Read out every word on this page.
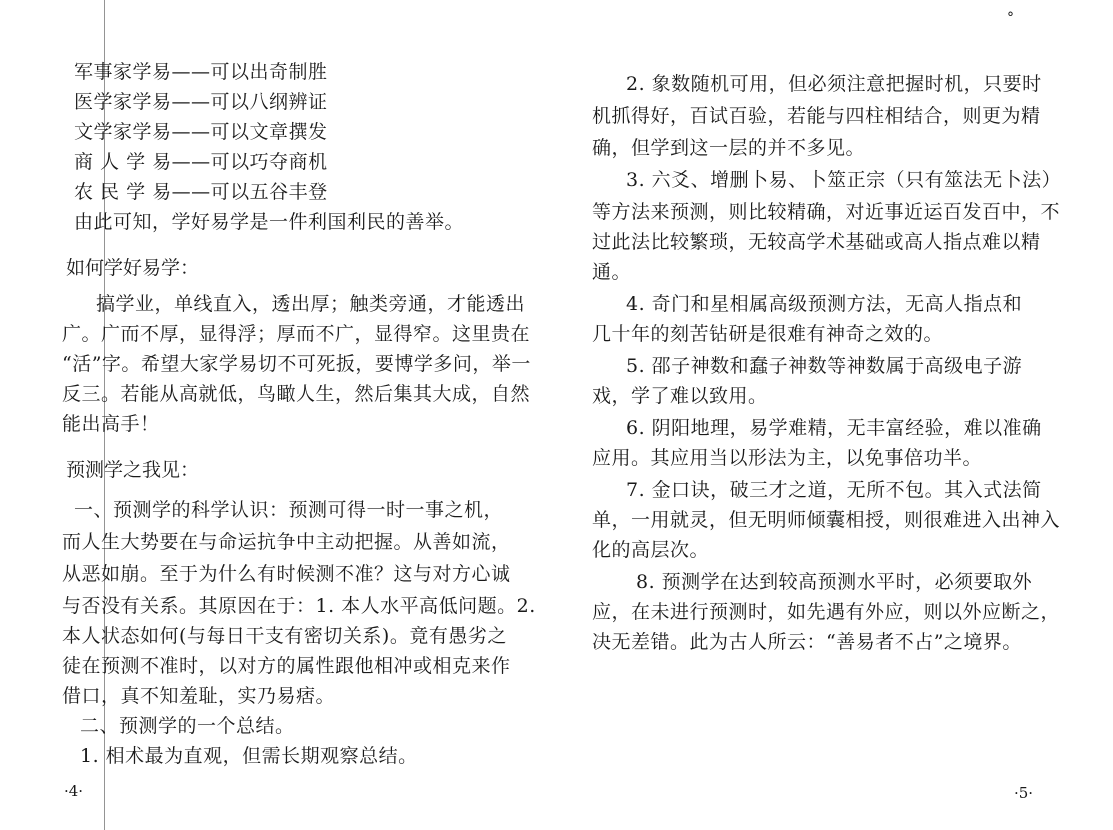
军事家学易——可以出奇制胜
医学家学易——可以八纲辨证
文学家学易——可以文章撰发
商 人 学 易——可以巧夺商机
农 民 学 易——可以五谷丰登
由此可知，学好易学是一件利国利民的善举。
如何学好易学：
搞学业，单线直入，透出厚；触类旁通，才能透出
广。广而不厚，显得浮；厚而不广，显得窄。这里贵在
“活”字。希望大家学易切不可死扳，要博学多问，举一
反三。若能从高就低，鸟瞰人生，然后集其大成，自然
能出高手！
预测学之我见：
一、预测学的科学认识：预测可得一时一事之机，
而人生大势要在与命运抗争中主动把握。从善如流，
从恶如崩。至于为什么有时候测不准？这与对方心诚
与否没有关系。其原因在于：1. 本人水平高低问题。2.
本人状态如何(与每日干支有密切关系)。竟有愚劣之
徒在预测不准时，以对方的属性跟他相冲或相克来作
借口，真不知羞耻，实乃易痞。
二、预测学的一个总结。
1. 相术最为直观，但需长期观察总结。
·4·
°
2. 象数随机可用，但必须注意把握时机，只要时
机抓得好，百试百验，若能与四柱相结合，则更为精
确，但学到这一层的并不多见。
3. 六爻、增删卜易、卜筮正宗（只有筮法无卜法）
等方法来预测，则比较精确，对近事近运百发百中，不
过此法比较繁琐，无较高学术基础或高人指点难以精
通。
4. 奇门和星相属高级预测方法，无高人指点和
几十年的刻苦钻研是很难有神奇之效的。
5. 邵子神数和蠢子神数等神数属于高级电子游
戏，学了难以致用。
6. 阴阳地理，易学难精，无丰富经验，难以准确
应用。其应用当以形法为主，以免事倍功半。
7. 金口诀，破三才之道，无所不包。其入式法简
单，一用就灵，但无明师倾囊相授，则很难进入出神入
化的高层次。
8. 预测学在达到较高预测水平时，必须要取外
应，在未进行预测时，如先遇有外应，则以外应断之，
决无差错。此为古人所云：“善易者不占”之境界。
·5·
